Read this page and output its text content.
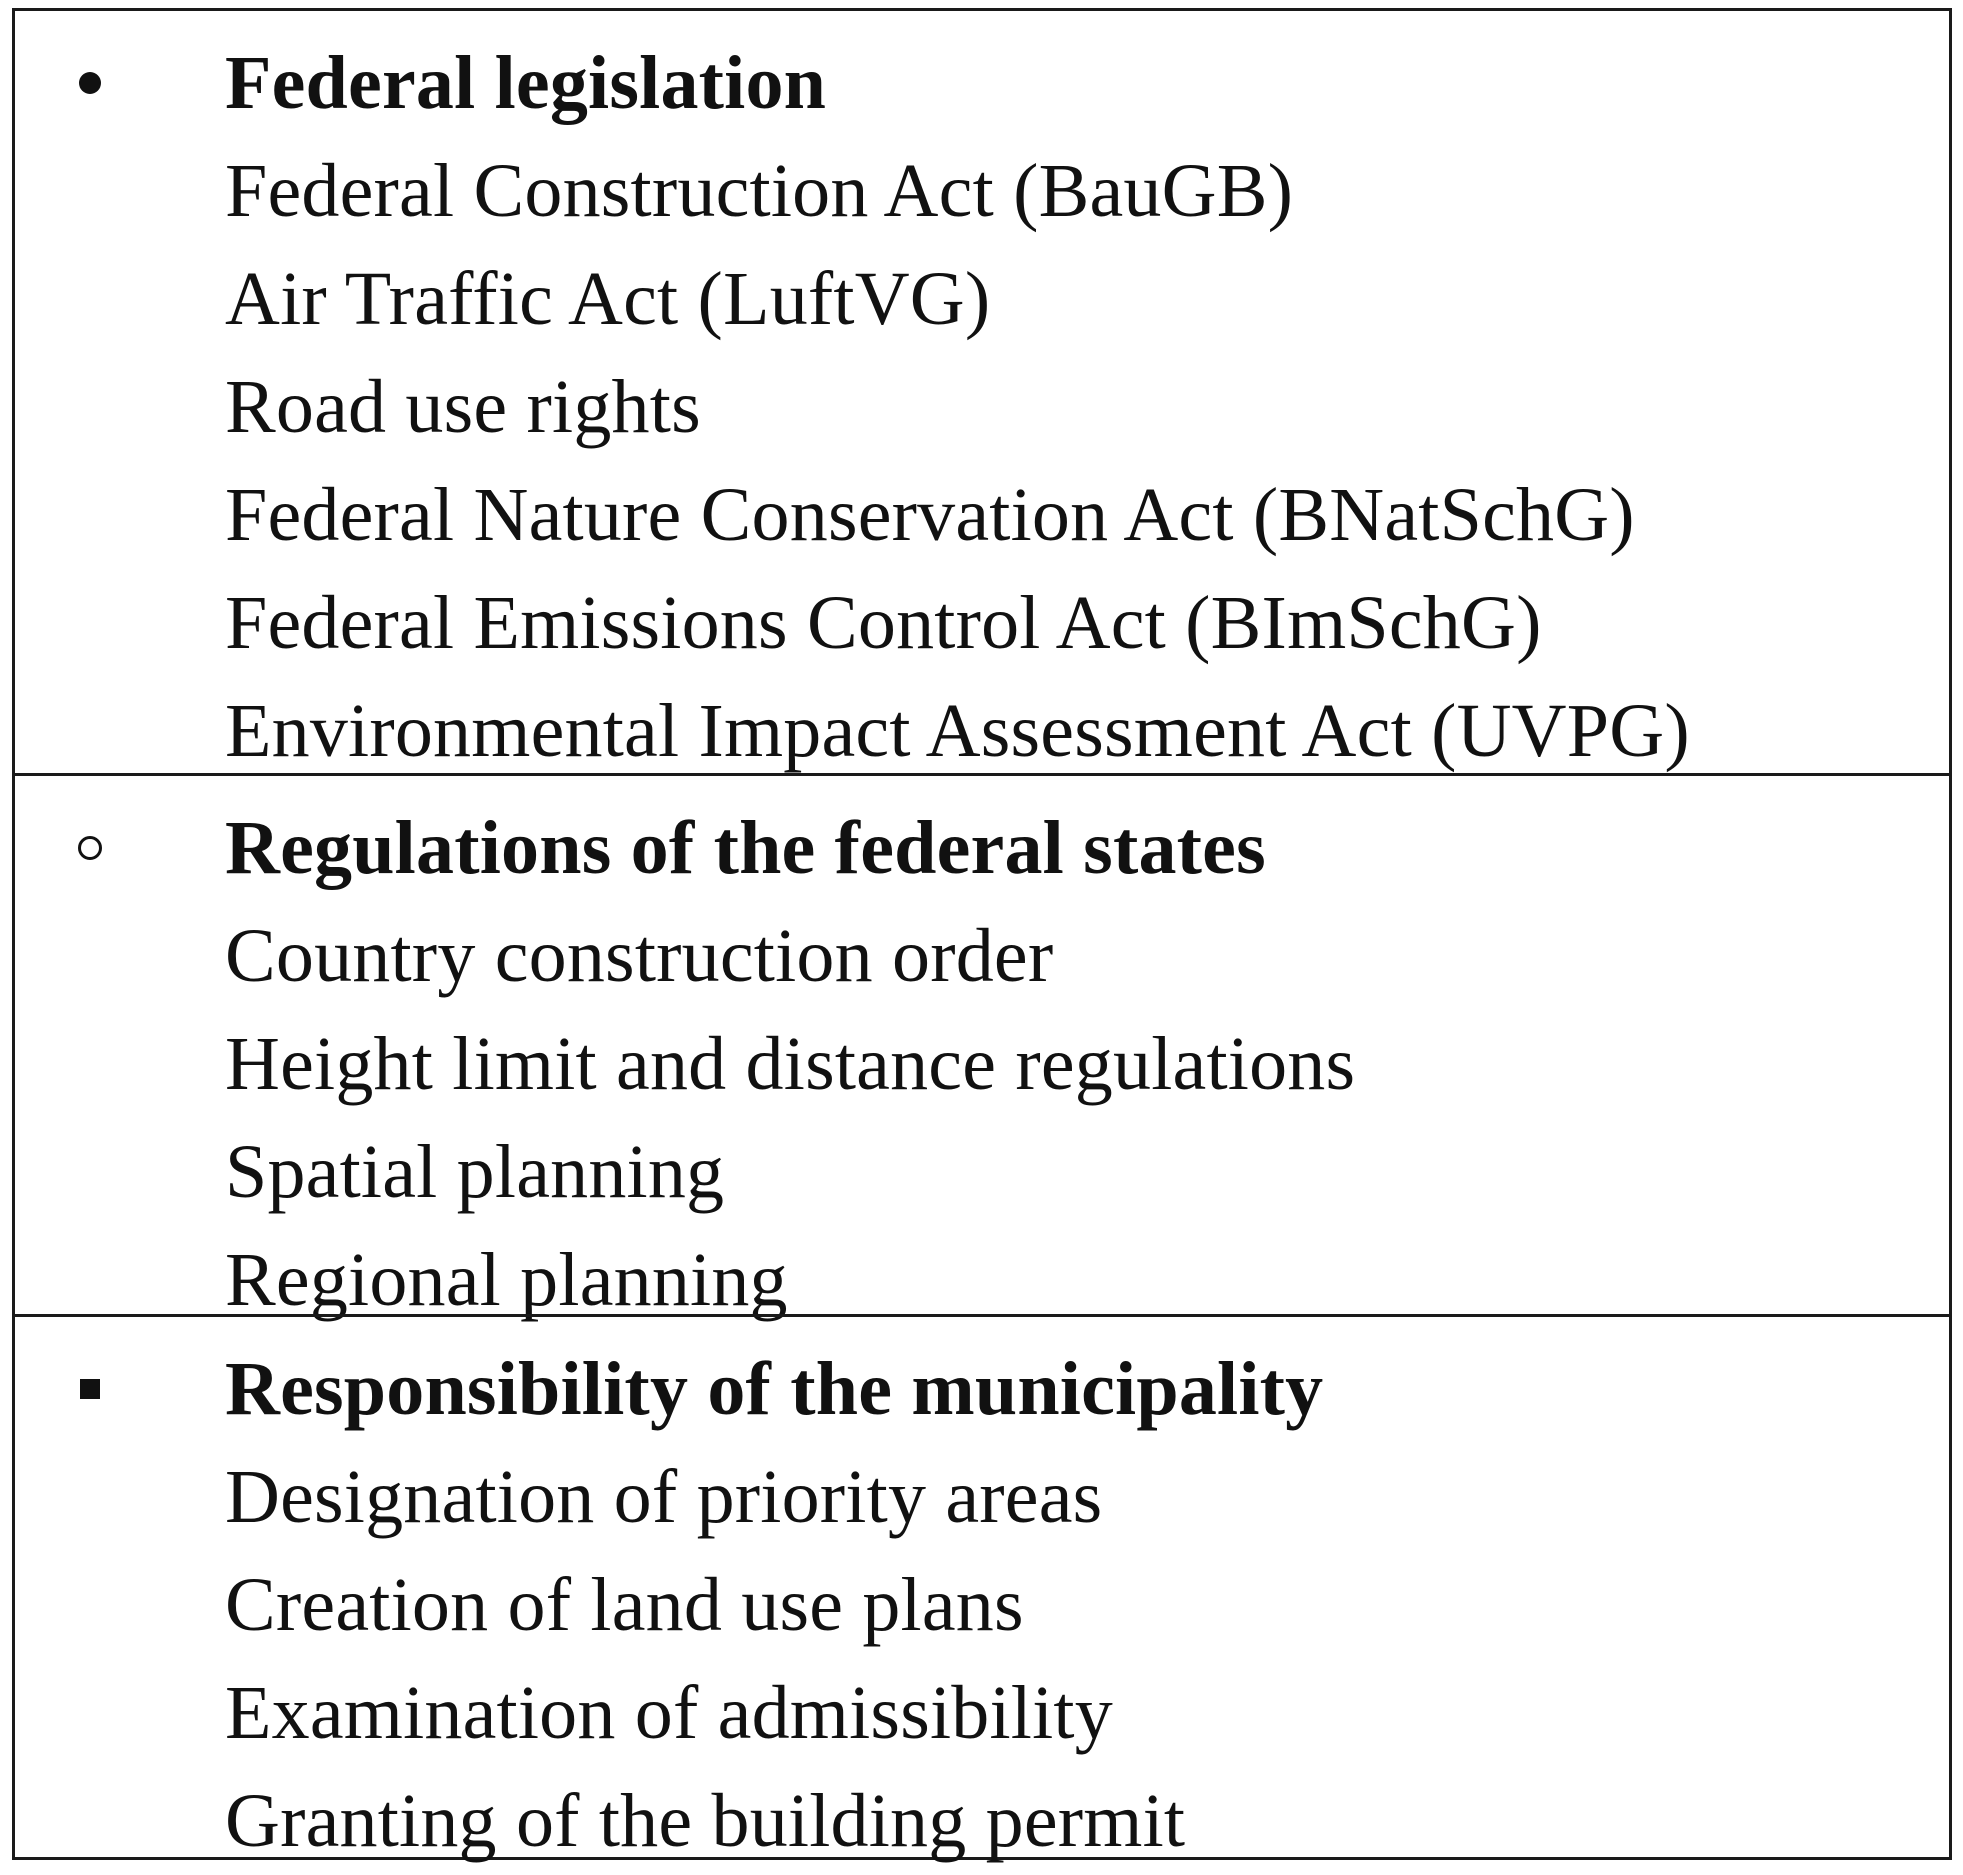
Federal legislation
Federal Construction Act (BauGB)
Air Traffic Act (LuftVG)
Road use rights
Federal Nature Conservation Act (BNatSchG)
Federal Emissions Control Act (BImSchG)
Environmental Impact Assessment Act (UVPG)
Regulations of the federal states
Country construction order
Height limit and distance regulations
Spatial planning
Regional planning
Responsibility of the municipality
Designation of priority areas
Creation of land use plans
Examination of admissibility
Granting of the building permit
